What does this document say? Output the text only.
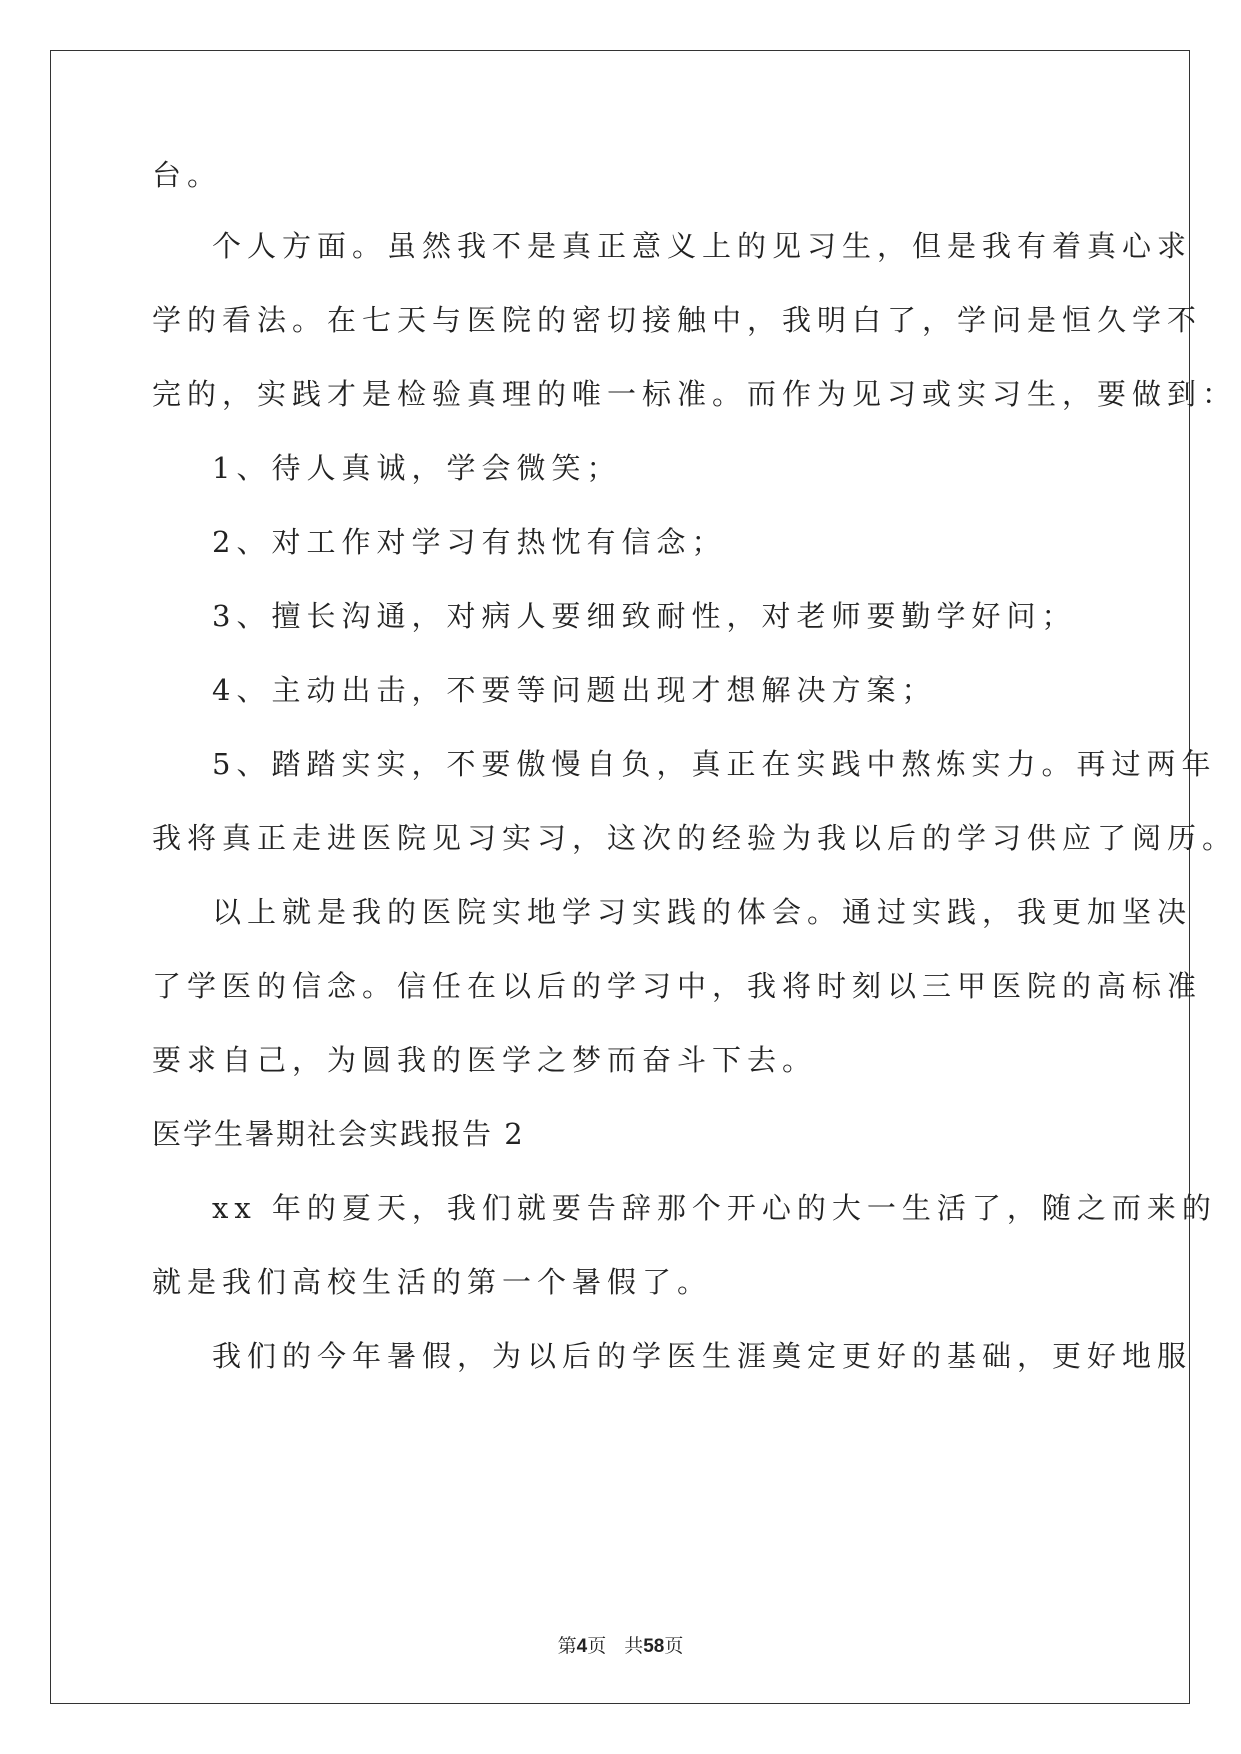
台。
个人方面。虽然我不是真正意义上的见习生，但是我有着真心求
学的看法。在七天与医院的密切接触中，我明白了，学问是恒久学不
完的，实践才是检验真理的唯一标准。而作为见习或实习生，要做到：
1、待人真诚，学会微笑；
2、对工作对学习有热忱有信念；
3、擅长沟通，对病人要细致耐性，对老师要勤学好问；
4、主动出击，不要等问题出现才想解决方案；
5、踏踏实实，不要傲慢自负，真正在实践中熬炼实力。再过两年
我将真正走进医院见习实习，这次的经验为我以后的学习供应了阅历。
以上就是我的医院实地学习实践的体会。通过实践，我更加坚决
了学医的信念。信任在以后的学习中，我将时刻以三甲医院的高标准
要求自己，为圆我的医学之梦而奋斗下去。
医学生暑期社会实践报告 2
xx 年的夏天，我们就要告辞那个开心的大一生活了，随之而来的
就是我们高校生活的第一个暑假了。
我们的今年暑假，为以后的学医生涯奠定更好的基础，更好地服
第4页 共58页
